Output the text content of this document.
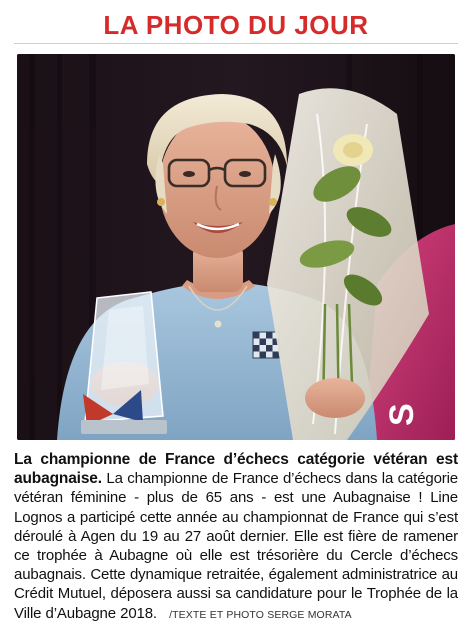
LA PHOTO DU JOUR
S
La championne de France d’échecs catégorie vétéran est aubagnaise. La championne de France d’échecs dans la catégorie vétéran féminine - plus de 65 ans - est une Aubagnaise ! Line Lognos a participé cette année au championnat de France qui s’est déroulé à Agen du 19 au 27 août dernier. Elle est fière de ramener ce trophée à Aubagne où elle est trésorière du Cercle d’échecs aubagnais. Cette dynamique retraitée, également administratrice au Crédit Mutuel, déposera aussi sa candidature pour le Trophée de la Ville d’Aubagne 2018. /TEXTE ET PHOTO SERGE MORATA
